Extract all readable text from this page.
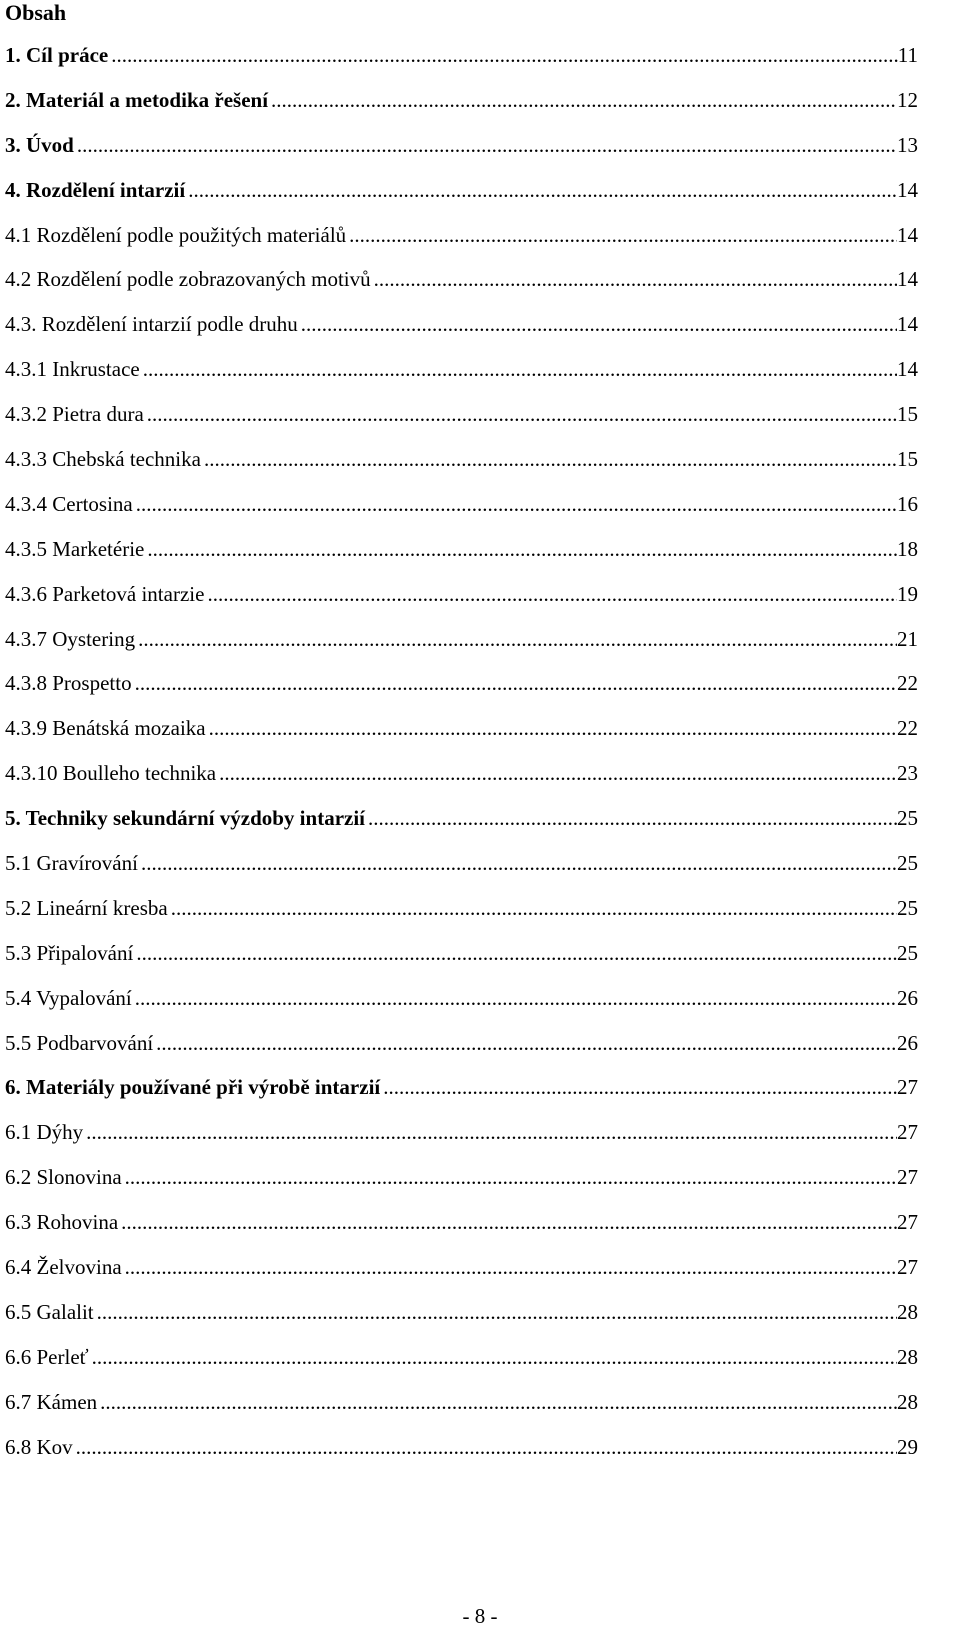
Obsah
1. Cíl práce .....	11
2. Materiál a metodika řešení .....	12
3. Úvod .....	13
4. Rozdělení intarzií .....	14
4.1 Rozdělení podle použitých materiálů .....	14
4.2 Rozdělení podle zobrazovaných motivů .....	14
4.3. Rozdělení intarzií podle druhu .....	14
4.3.1 Inkrustace .....	14
4.3.2 Pietra dura .....	15
4.3.3 Chebská technika .....	15
4.3.4 Certosina .....	16
4.3.5 Marketérie .....	18
4.3.6 Parketová intarzie .....	19
4.3.7 Oystering .....	21
4.3.8 Prospetto .....	22
4.3.9 Benátská mozaika .....	22
4.3.10 Boulleho technika .....	23
5. Techniky sekundární výzdoby intarzií .....	25
5.1 Gravírování .....	25
5.2 Lineární kresba .....	25
5.3 Připalování .....	25
5.4 Vypalování .....	26
5.5 Podbarvování .....	26
6. Materiály používané při výrobě intarzií .....	27
6.1 Dýhy .....	27
6.2 Slonovina .....	27
6.3 Rohovina .....	27
6.4 Želvovina .....	27
6.5 Galalit .....	28
6.6 Perleť .....	28
6.7 Kámen .....	28
6.8 Kov .....	29
- 8 -
